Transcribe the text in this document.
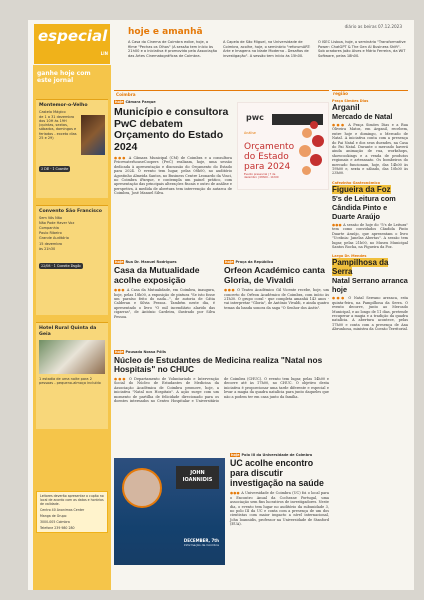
especial
LIN
hoje e amanhã
diário as beiras 07.12.2023
A Casa do Cinema de Coimbra exibe, hoje, o filme "Pechas os Olhos" (A sessão tem início às 21h00 e a iniciativa é promovida pela Associação das Artes Cinematográficas de Coimbra.
A Capela de São Miguel, na Universidade de Coimbra, acolhe, hoje, o seminário "reforumART: Arte e Imagens na Idade Moderna - Desafios de investigação". A sessão tem início às 15h00.
O ISEC Lisboa, hoje, o seminário "Transformative Power: ChatGPT & The Gen AI Business Shift". Sob oradores João Alves e Mário Ferreira, da WIT Software, pelas 18h00.
ganhe hoje com este jornal
Montemor-o-Velho

Castelo Mágico

de 1 a 31 dezembro dos 10H às 19H (quintas, sextas, sábados, domingos e feriados - exceto dias 25 e 29)

3 DE - 1 Convite
Convento São Francisco

Sem Vós Não

Não Pode Haver Voz

Companhia

Paulo Ribeiro

Grande Auditório

15 dezembro

às 21h30

22/08 - 1 Convite Duplo
Hotel Rural Quinta da Geia

1 estadia de uma noite para 2 pessoas - pequeno-almoço incluído

Leitores deverão apresentar o cupão no local de acordo com as datas e horários de validade.

Centro 40 Anonimas Center

Manga de Grupo

3000-005 Coimbra

Telefone 239 980 280

Coimbra
hoje Câmara Parque
Município e consultora PwC debatem Orçamento do Estado 2024
●●● A Câmara Municipal (CM) de Coimbra e a consultora PricewaterhouseCoopers (PwC) realizam, hoje, uma sessão dedicada à apresentação e discussão do Orçamento do Estado para 2024. O evento tem lugar, pelas 08h00, no auditório Agostinho Almeida Santos, no Business Centre Leonardo da Vinci, no Coimbra iParque, e contempla um painel prático, com apresentação das principais alterações fiscais e outro de análise e perspetiva, à medida de abertura tem intervenção do autarca de Coimbra, José Manuel Silva.
pwc
Análise
Orçamento do Estado para 2024
Evento presencial | 7 de dezembro | 08h00 - 11h00
hoje Rua Dr. Manuel Rodrigues
Casa da Mutualidade acolhe exposição
●●● A Casa da Mutualidade, em Coimbra, inaugura, hoje, pelas 18h00, a exposição de pintura "Se isto fosse um paraíso feito do nada...", de autoria de Cátia Calderan e Silvia Pessoa. Também neste dia, é apresentado o livro "O mil incendiário alarido das cigarras", de António Cardeira, ilustrado por Silva Pessoa.
hoje Praça da República
Orfeon Académico canta Gloria, de Vivaldi
●●● O Teatro Académico Gil Vicente recebe, hoje, um concerto do Orfeon Académico de Coimbra, com início às 21h30. O grupo coral - que completa amanhã 143 anos - vai interpretar "Gloria", de António Vivaldi, e ainda quatro temas da banda sonora da saga "O Senhor dos Anéis".
hoje Pousada Nossa Pólis
Núcleo de Estudantes de Medicina realiza "Natal nos Hospitais" no CHUC
●●● O Departamento de Voluntariado e Intervenção Social do Núcleo de Estudantes de Medicina da Associação Académica de Coimbra promove, hoje, a iniciativa "Natal nos Hospitais". A ação surge com um momento de partilha de felicidade direcionado para os doentes internados no Centro Hospitalar e Universitário de Coimbra (CHUC). O evento tem lugar, pelas 14h00 e decorre até às 17h00, no CHUC. O objetivo desta iniciativa é proporcionar uma tarde diferente e especial e levar a magia da quadra natalícia para junto daqueles que não a podem ter em casa junto da família.
JOHN IOANNIDIS
DECEMBER, 7th
Informação de Coimbra
hoje Polo III da Universidade de Coimbra
UC acolhe encontro para discutir investigação na saúde
●●● A Universidade de Coimbra (UC) foi o local para o Encontro Anual da Cochrane Portugal, uma associação sem fins lucrativos de investigadores. Neste dia, o evento tem lugar no auditório da subunidade 3, no polo III da UC e conta com a presença de um dos cientistas com maior impacto a nível internacional, John Ioannidis, professor na Universidade de Stanford (EUA).
região
Praça Simões Dias
Arganil
Mercado de Natal
●●● A Praça Simões Dias e a Rua Oliveira Matos, em Arganil, recebem, entre hoje e domingo, o Mercado de Natal. A iniciativa conta com a presença do Pai Natal e dos seus duendes, na Casa do Pai Natal. Durante o mercado haverá ainda animação de rua, workshops, showcookings e a venda de produtos regionais e artesanato. Os bombeiros do mercado funcionam, hoje, das 14h00 às 19h00 e, sexta e sábado, das 10h00 às 23h00.
Cafezinho Gastronómico
Figueira da Foz
5's de Leitura com Cândida Pinto e Duarte Araújo
●●● A sessão de hoje do "5's de Leitura" tem como convidados Cândida Pinto Duarte Araújo, que apresentam o livro "Ucrânia: Janelas Abertas". A sessão tem lugar, pelas 21h00, no Museu Municipal Santos Rocha, na Figueira da Foz.
Largo Dr. Mendes
Pampilhosa da Serra
Natal Serrano arranca hoje
●●● O Natal Serrano arranca, esta quinta-feira, na Pampilhosa da Serra. O evento decorre, junto ao Mercado Municipal, e ao longo de 11 dias, pretende recuperar a magia e a tradição da quadra natalícia. A abertura acontece, pelas 17h00 e conta com a presença de Ana Abrunhosa, ministra da Coesão Territorial.
